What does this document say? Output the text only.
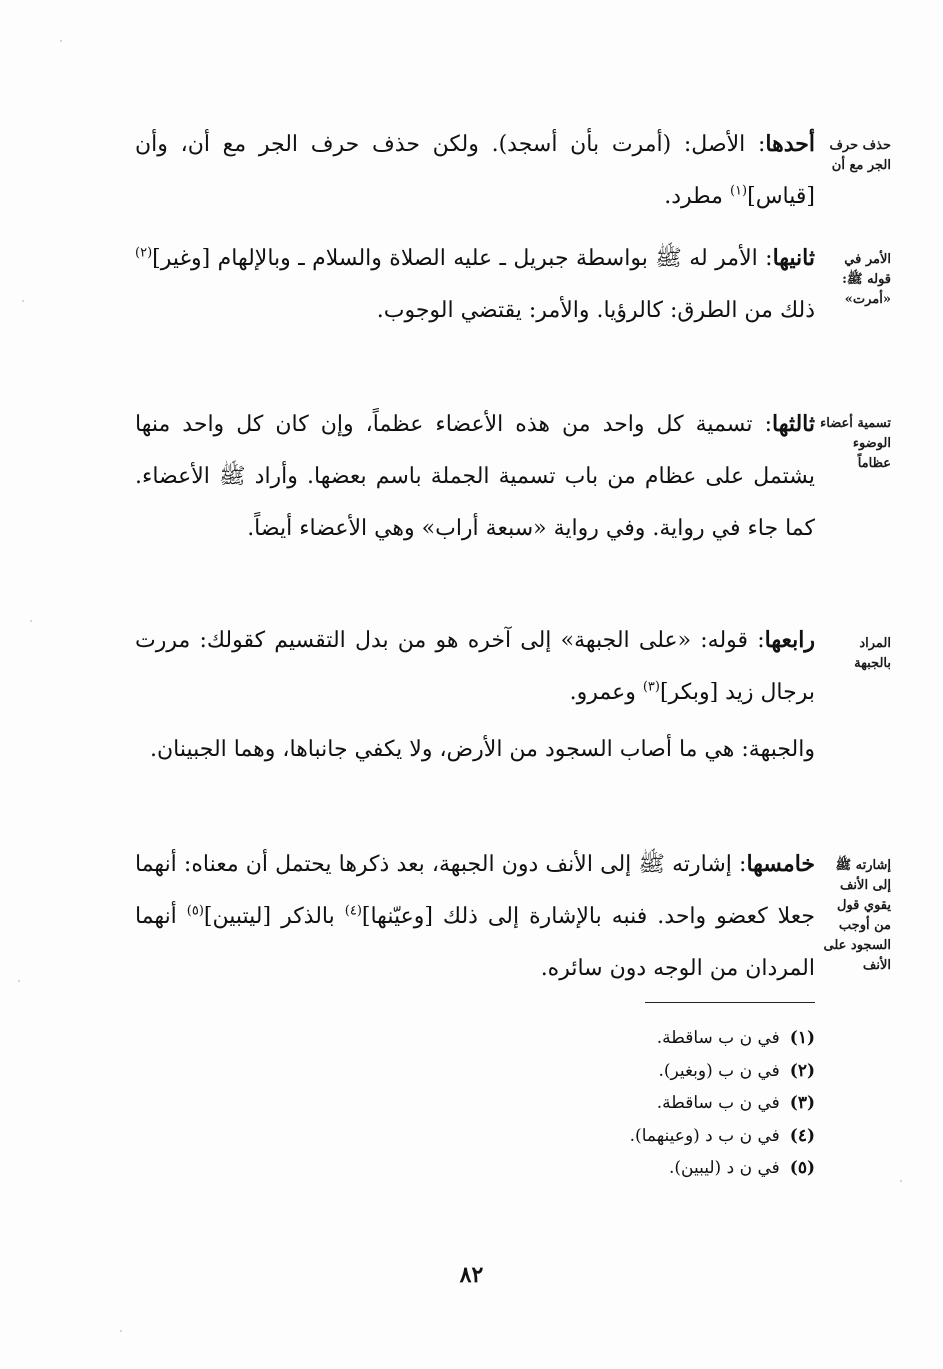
حذف حرف الجر مع أن
الأمر في قوله ﷺ: «أمرت»
تسمية أعضاء الوضوء عظاماً
المراد بالجبهة
إشارته ﷺ إلى الأنف يقوي قول من أوجب السجود على الأنف

أحدها: الأصل: (أمرت بأن أسجد). ولكن حذف حرف الجر مع أن، وأن [قياس]$^{(١)}$ مطرد.

ثانيها: الأمر له ﷺ بواسطة جبريل ـ عليه الصلاة والسلام ـ وبالإلهام [وغير]$^{(٢)}$ ذلك من الطرق: كالرؤيا. والأمر: يقتضي الوجوب.

ثالثها: تسمية كل واحد من هذه الأعضاء عظماً، وإن كان كل واحد منها يشتمل على عظام من باب تسمية الجملة باسم بعضها. وأراد ﷺ الأعضاء. كما جاء في رواية. وفي رواية «سبعة أراب» وهي الأعضاء أيضاً.

رابعها: قوله: «على الجبهة» إلى آخره هو من بدل التقسيم كقولك: مررت برجال زيد [وبكر]$^{(٣)}$ وعمرو.

والجبهة: هي ما أصاب السجود من الأرض، ولا يكفي جانباها، وهما الجبينان.

خامسها: إشارته ﷺ إلى الأنف دون الجبهة، بعد ذكرها يحتمل أن معناه: أنهما جعلا كعضو واحد. فنبه بالإشارة إلى ذلك [وعيّنها]$^{(٤)}$ بالذكر [ليتبين]$^{(٥)}$ أنهما المردان من الوجه دون سائره.

(١)
في ن ب ساقطة.
(٢)
في ن ب (وبغير).
(٣)
في ن ب ساقطة.
(٤)
في ن ب د (وعينهما).
(٥)
في ن د (ليبين).
٨٢
